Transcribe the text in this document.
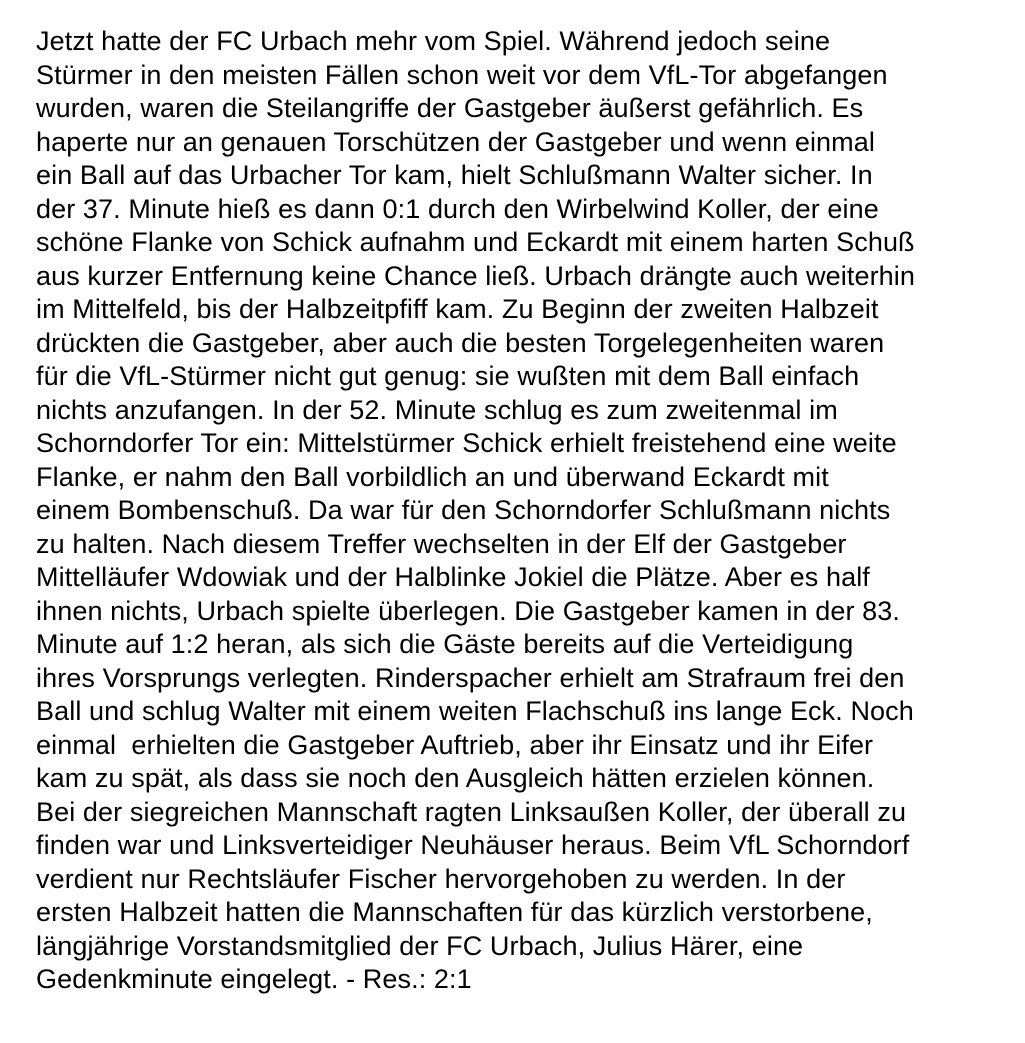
Jetzt hatte der FC Urbach mehr vom Spiel. Während jedoch seine
Stürmer in den meisten Fällen schon weit vor dem VfL-Tor abgefangen
wurden, waren die Steilangriffe der Gastgeber äußerst gefährlich. Es
haperte nur an genauen Torschützen der Gastgeber und wenn einmal
ein Ball auf das Urbacher Tor kam, hielt Schlußmann Walter sicher. In
der 37. Minute hieß es dann 0:1 durch den Wirbelwind Koller, der eine
schöne Flanke von Schick aufnahm und Eckardt mit einem harten Schuß
aus kurzer Entfernung keine Chance ließ. Urbach drängte auch weiterhin
im Mittelfeld, bis der Halbzeitpfiff kam. Zu Beginn der zweiten Halbzeit
drückten die Gastgeber, aber auch die besten Torgelegenheiten waren
für die VfL-Stürmer nicht gut genug: sie wußten mit dem Ball einfach
nichts anzufangen. In der 52. Minute schlug es zum zweitenmal im
Schorndorfer Tor ein: Mittelstürmer Schick erhielt freistehend eine weite
Flanke, er nahm den Ball vorbildlich an und überwand Eckardt mit
einem Bombenschuß. Da war für den Schorndorfer Schlußmann nichts
zu halten. Nach diesem Treffer wechselten in der Elf der Gastgeber
Mittelläufer Wdowiak und der Halblinke Jokiel die Plätze. Aber es half
ihnen nichts, Urbach spielte überlegen. Die Gastgeber kamen in der 83.
Minute auf 1:2 heran, als sich die Gäste bereits auf die Verteidigung
ihres Vorsprungs verlegten. Rinderspacher erhielt am Strafraum frei den
Ball und schlug Walter mit einem weiten Flachschuß ins lange Eck. Noch
einmal  erhielten die Gastgeber Auftrieb, aber ihr Einsatz und ihr Eifer
kam zu spät, als dass sie noch den Ausgleich hätten erzielen können.
Bei der siegreichen Mannschaft ragten Linksaußen Koller, der überall zu
finden war und Linksverteidiger Neuhäuser heraus. Beim VfL Schorndorf
verdient nur Rechtsläufer Fischer hervorgehoben zu werden. In der
ersten Halbzeit hatten die Mannschaften für das kürzlich verstorbene,
längjährige Vorstandsmitglied der FC Urbach, Julius Härer, eine
Gedenkminute eingelegt. - Res.: 2:1
